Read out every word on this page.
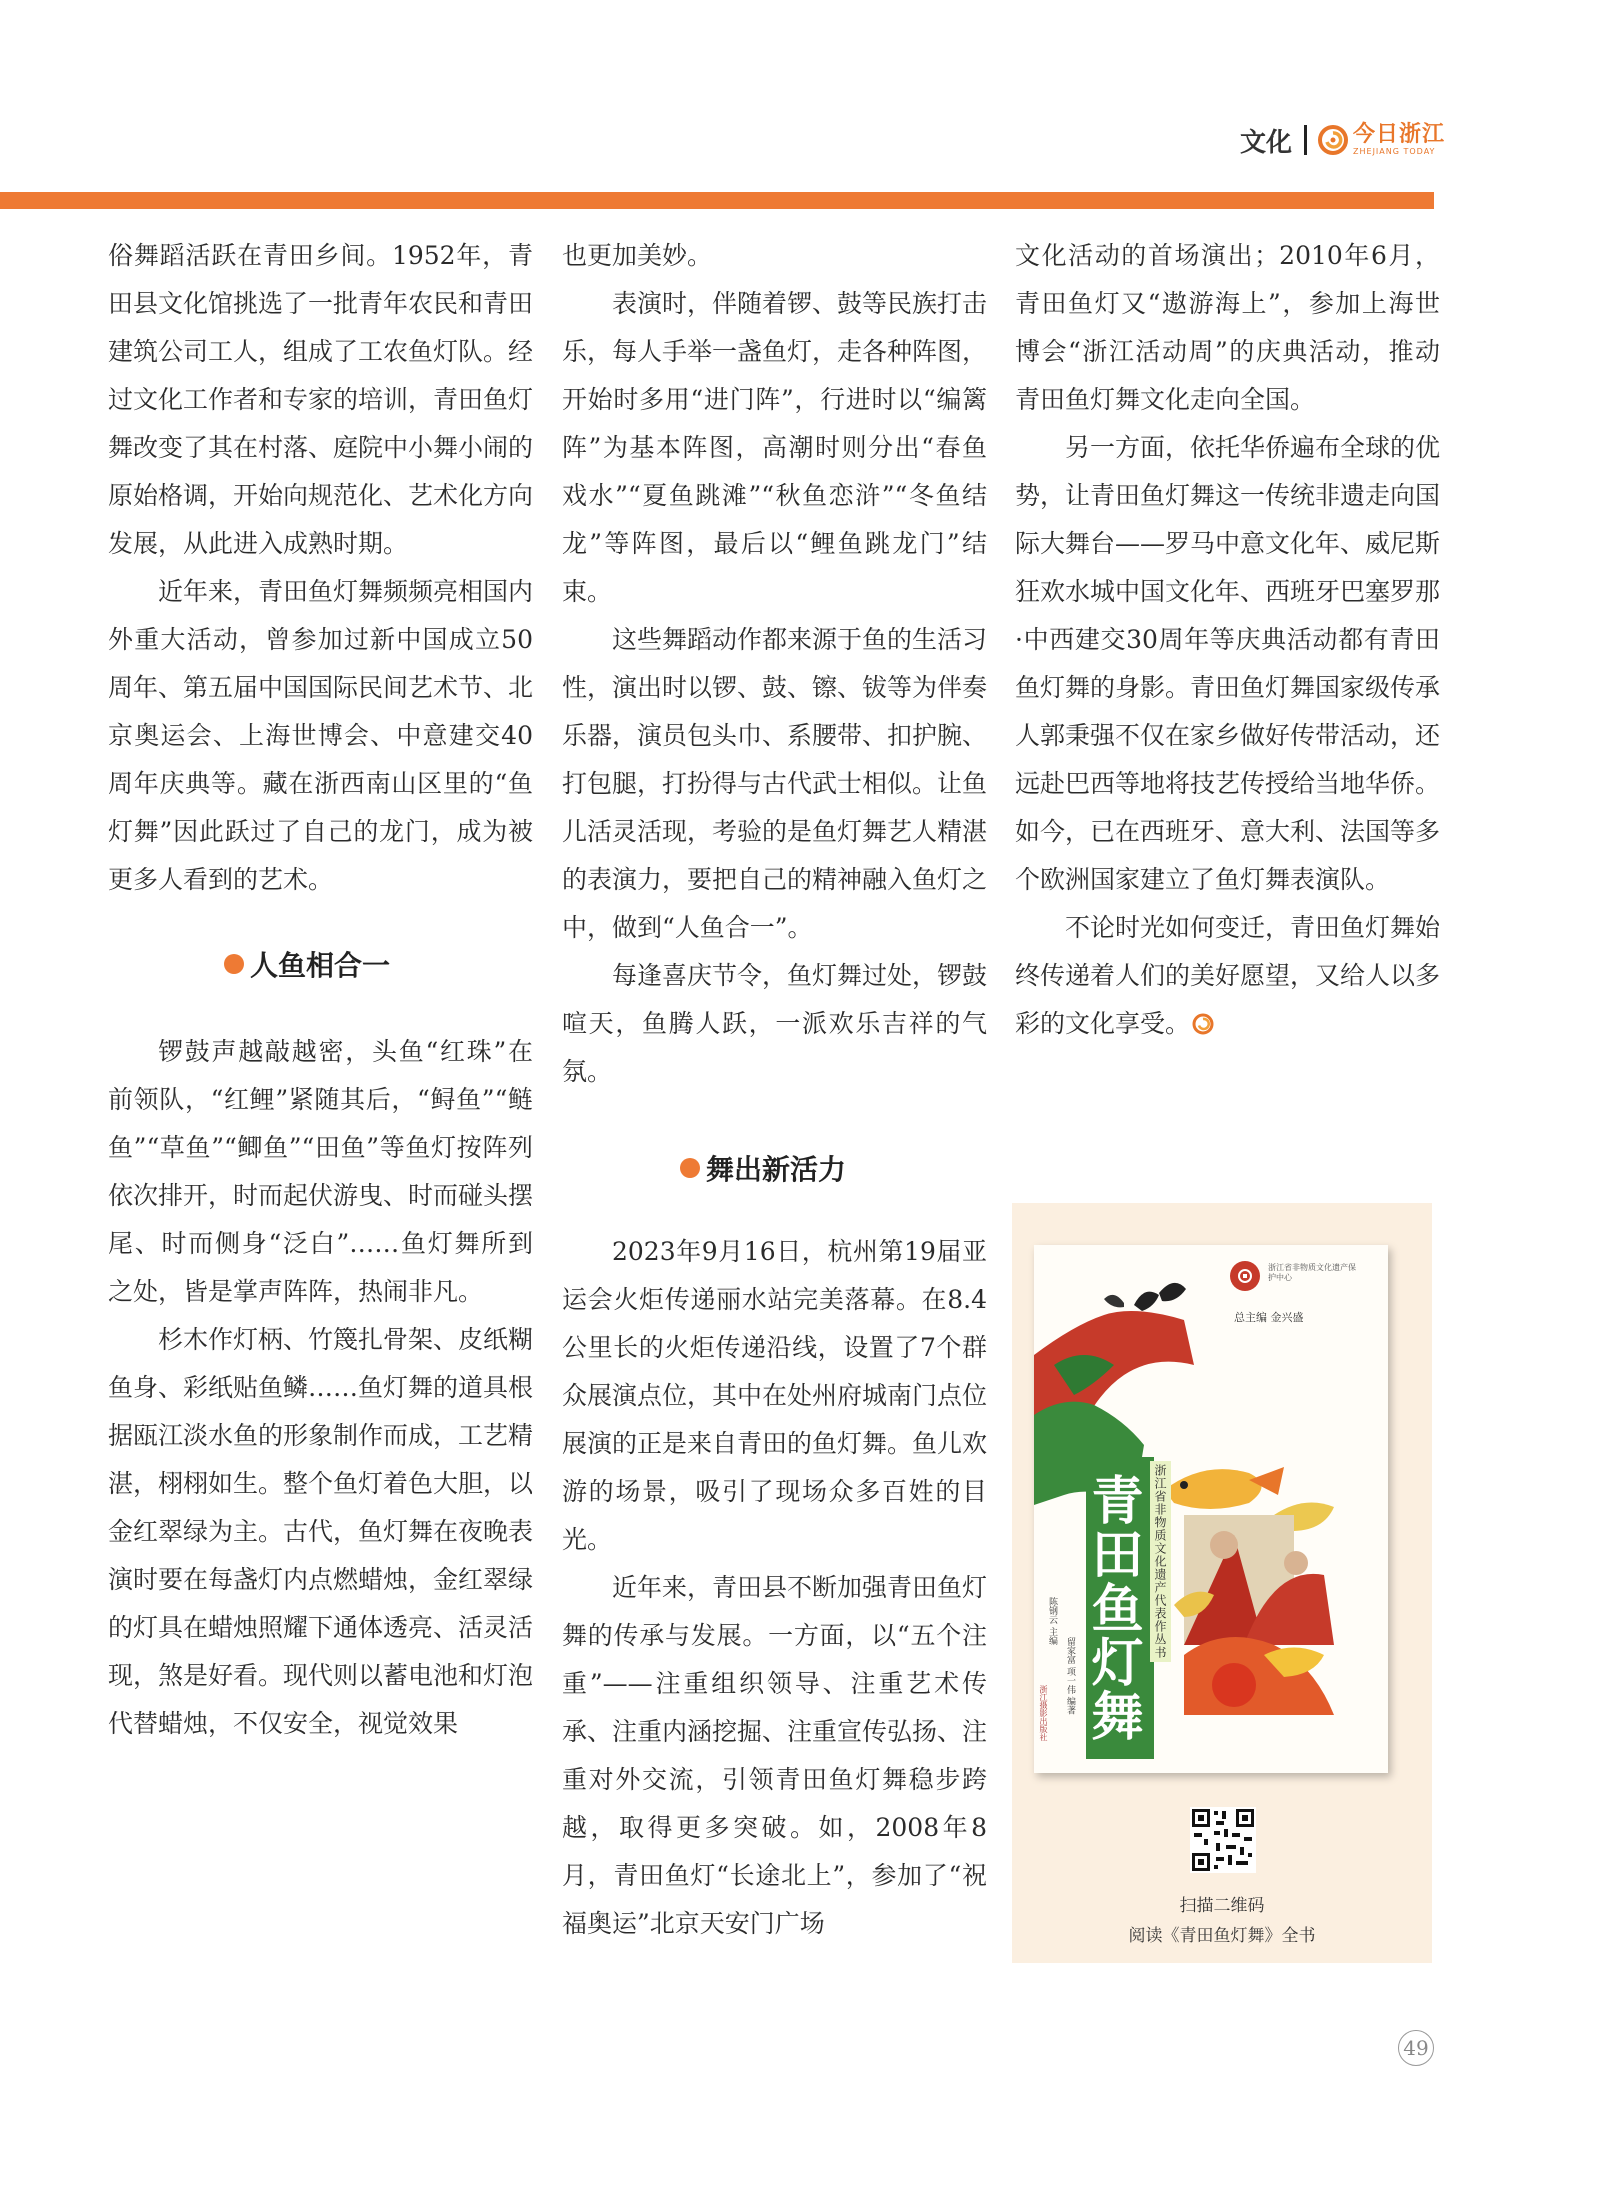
文化	今日浙江
ZHEJIANG TODAY

俗舞蹈活跃在青田乡间。1952年，青田县文化馆挑选了一批青年农民和青田建筑公司工人，组成了工农鱼灯队。经过文化工作者和专家的培训，青田鱼灯舞改变了其在村落、庭院中小舞小闹的原始格调，开始向规范化、艺术化方向发展，从此进入成熟时期。

近年来，青田鱼灯舞频频亮相国内外重大活动，曾参加过新中国成立50周年、第五届中国国际民间艺术节、北京奥运会、上海世博会、中意建交40周年庆典等。藏在浙西南山区里的“鱼灯舞”因此跃过了自己的龙门，成为被更多人看到的艺术。

人鱼相合一

锣鼓声越敲越密，头鱼“红珠”在前领队，“红鲤”紧随其后，“鲟鱼”“鲢鱼”“草鱼”“鲫鱼”“田鱼”等鱼灯按阵列依次排开，时而起伏游曳、时而碰头摆尾、时而侧身“泛白”……鱼灯舞所到之处，皆是掌声阵阵，热闹非凡。

杉木作灯柄、竹篾扎骨架、皮纸糊鱼身、彩纸贴鱼鳞……鱼灯舞的道具根据瓯江淡水鱼的形象制作而成，工艺精湛，栩栩如生。整个鱼灯着色大胆，以金红翠绿为主。古代，鱼灯舞在夜晚表演时要在每盏灯内点燃蜡烛，金红翠绿的灯具在蜡烛照耀下通体透亮、活灵活现，煞是好看。现代则以蓄电池和灯泡代替蜡烛，不仅安全，视觉效果

也更加美妙。

表演时，伴随着锣、鼓等民族打击乐，每人手举一盏鱼灯，走各种阵图，开始时多用“进门阵”，行进时以“编篱阵”为基本阵图，高潮时则分出“春鱼戏水”“夏鱼跳滩”“秋鱼恋浒”“冬鱼结龙”等阵图，最后以“鲤鱼跳龙门”结束。

这些舞蹈动作都来源于鱼的生活习性，演出时以锣、鼓、镲、钹等为伴奏乐器，演员包头巾、系腰带、扣护腕、打包腿，打扮得与古代武士相似。让鱼儿活灵活现，考验的是鱼灯舞艺人精湛的表演力，要把自己的精神融入鱼灯之中，做到“人鱼合一”。

每逢喜庆节令，鱼灯舞过处，锣鼓喧天，鱼腾人跃，一派欢乐吉祥的气氛。

舞出新活力

2023年9月16日，杭州第19届亚运会火炬传递丽水站完美落幕。在8.4公里长的火炬传递沿线，设置了7个群众展演点位，其中在处州府城南门点位展演的正是来自青田的鱼灯舞。鱼儿欢游的场景，吸引了现场众多百姓的目光。

近年来，青田县不断加强青田鱼灯舞的传承与发展。一方面，以“五个注重”——注重组织领导、注重艺术传承、注重内涵挖掘、注重宣传弘扬、注重对外交流，引领青田鱼灯舞稳步跨越，取得更多突破。如，2008年8月，青田鱼灯“长途北上”，参加了“祝福奥运”北京天安门广场

文化活动的首场演出；2010年6月，青田鱼灯又“遨游海上”，参加上海世博会“浙江活动周”的庆典活动，推动青田鱼灯舞文化走向全国。

另一方面，依托华侨遍布全球的优势，让青田鱼灯舞这一传统非遗走向国际大舞台——罗马中意文化年、威尼斯狂欢水城中国文化年、西班牙巴塞罗那·中西建交30周年等庆典活动都有青田鱼灯舞的身影。青田鱼灯舞国家级传承人郭秉强不仅在家乡做好传带活动，还远赴巴西等地将技艺传授给当地华侨。如今，已在西班牙、意大利、法国等多个欧洲国家建立了鱼灯舞表演队。

不论时光如何变迁，青田鱼灯舞始终传递着人们的美好愿望，又给人以多彩的文化享受。

浙江省非物质文化遗产保护中心
总主编 金兴盛
青田鱼灯舞 浙江省非物质文化遗产代表作丛书
陈钢云 主编
留家富 项一伟 编著
浙江摄影出版社
扫描二维码
阅读《青田鱼灯舞》全书
49
